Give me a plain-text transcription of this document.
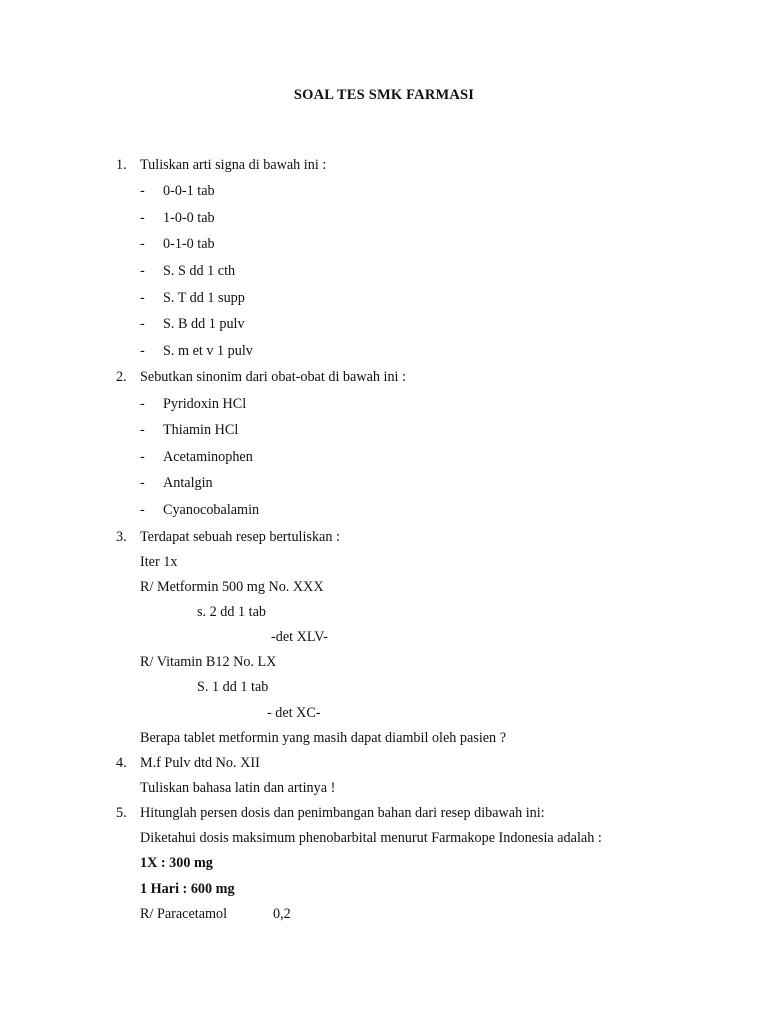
SOAL TES SMK FARMASI
1. Tuliskan arti signa di bawah ini :
- 0-0-1 tab
- 1-0-0 tab
- 0-1-0 tab
- S. S dd 1 cth
- S. T dd 1 supp
- S. B dd 1 pulv
- S. m et v 1 pulv
2. Sebutkan sinonim dari obat-obat di bawah ini :
- Pyridoxin HCl
- Thiamin HCl
- Acetaminophen
- Antalgin
- Cyanocobalamin
3. Terdapat sebuah resep bertuliskan :
Iter 1x
R/ Metformin 500 mg No. XXX
s. 2 dd 1 tab
-det XLV-
R/ Vitamin B12 No. LX
S. 1 dd 1 tab
- det XC-
Berapa tablet metformin yang masih dapat diambil oleh pasien ?
4. M.f Pulv dtd No. XII
Tuliskan bahasa latin dan artinya !
5. Hitunglah persen dosis dan penimbangan bahan dari resep dibawah ini:
Diketahui dosis maksimum phenobarbital menurut Farmakope Indonesia adalah :
1X : 300 mg
1 Hari : 600 mg
R/ Paracetamol	0,2
